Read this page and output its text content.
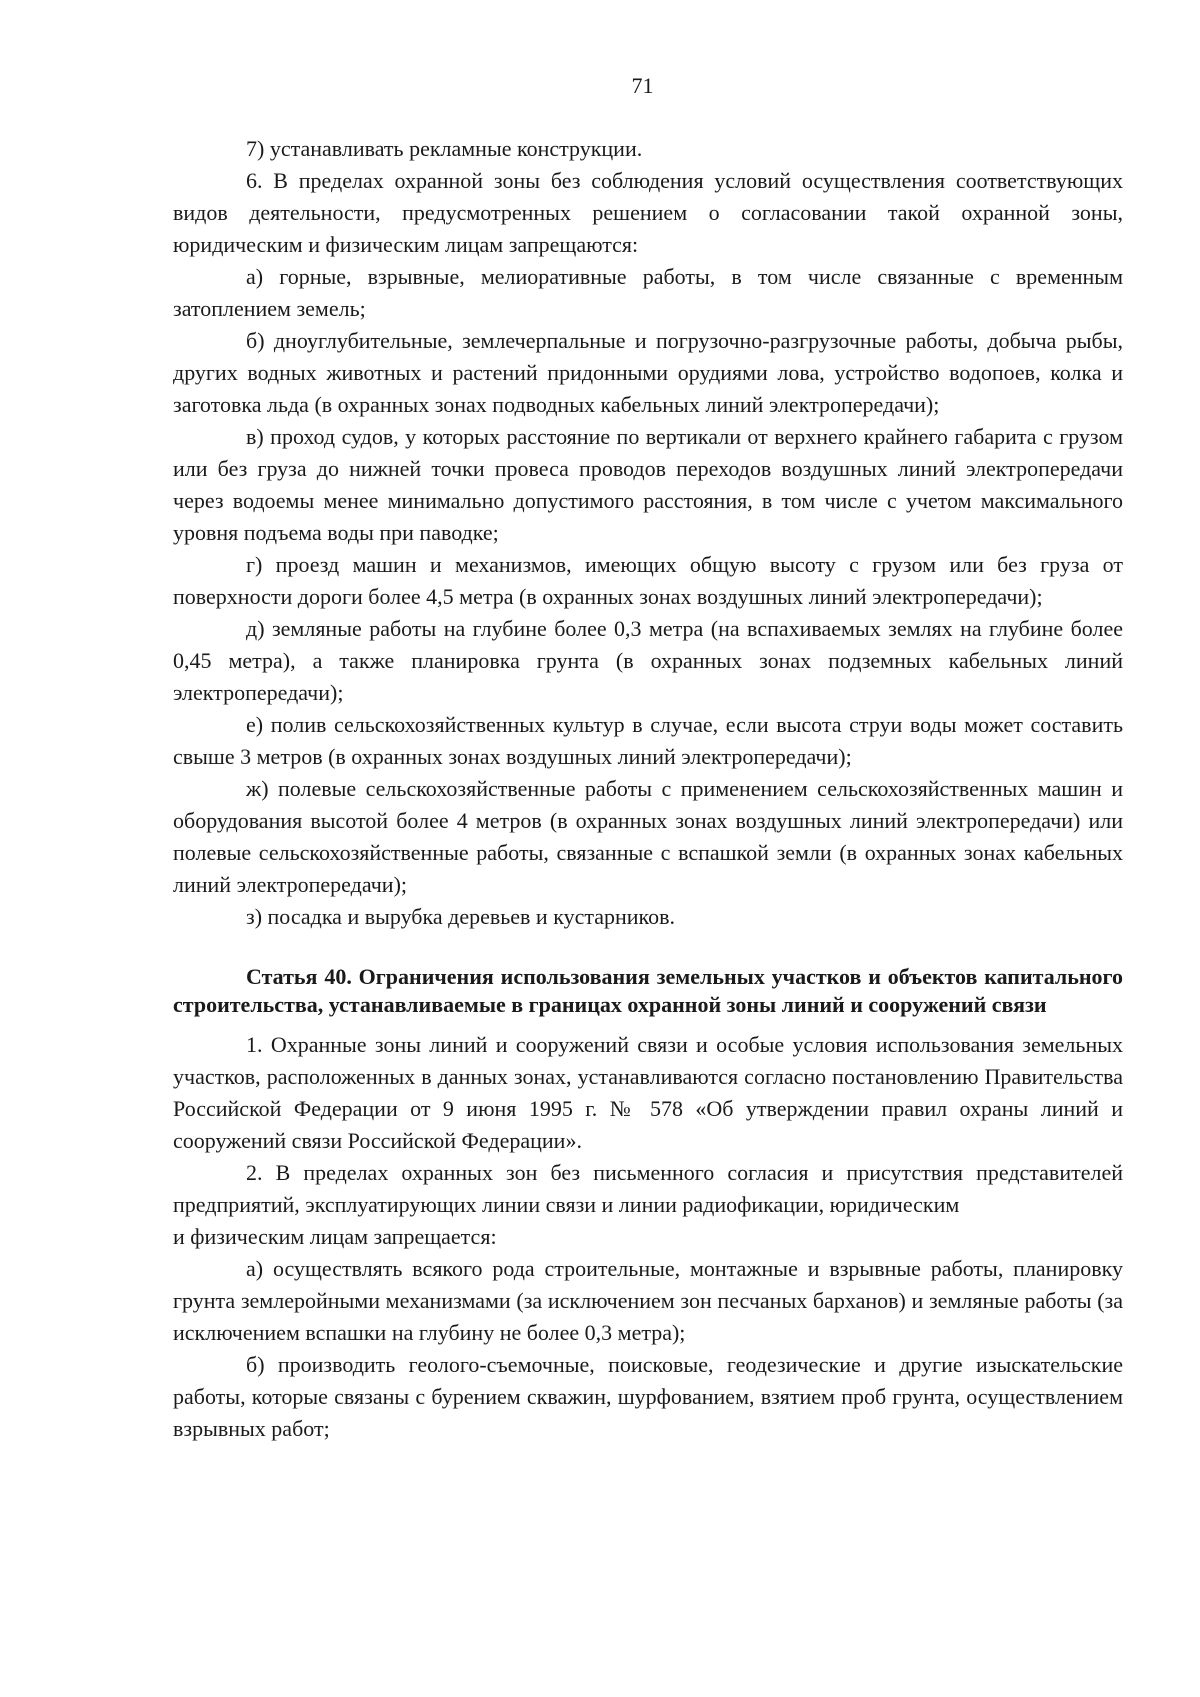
71

7) устанавливать рекламные конструкции.

6. В пределах охранной зоны без соблюдения условий осуществления соответствующих видов деятельности, предусмотренных решением о согласовании такой охранной зоны, юридическим и физическим лицам запрещаются:

а) горные, взрывные, мелиоративные работы, в том числе связанные с временным затоплением земель;

б) дноуглубительные, землечерпальные и погрузочно-разгрузочные работы, добыча рыбы, других водных животных и растений придонными орудиями лова, устройство водопоев, колка и заготовка льда (в охранных зонах подводных кабельных линий электропередачи);

в) проход судов, у которых расстояние по вертикали от верхнего крайнего габарита с грузом или без груза до нижней точки провеса проводов переходов воздушных линий электропередачи через водоемы менее минимально допустимого расстояния, в том числе с учетом максимального уровня подъема воды при паводке;

г) проезд машин и механизмов, имеющих общую высоту с грузом или без груза от поверхности дороги более 4,5 метра (в охранных зонах воздушных линий электропередачи);

д) земляные работы на глубине более 0,3 метра (на вспахиваемых землях на глубине более 0,45 метра), а также планировка грунта (в охранных зонах подземных кабельных линий электропередачи);

е) полив сельскохозяйственных культур в случае, если высота струи воды может составить свыше 3 метров (в охранных зонах воздушных линий электропередачи);

ж) полевые сельскохозяйственные работы с применением сельскохозяйственных машин и оборудования высотой более 4 метров (в охранных зонах воздушных линий электропередачи) или полевые сельскохозяйственные работы, связанные с вспашкой земли (в охранных зонах кабельных линий электропередачи);

з) посадка и вырубка деревьев и кустарников.

Статья 40. Ограничения использования земельных участков и объектов капитального строительства, устанавливаемые в границах охранной зоны линий и сооружений связи

1. Охранные зоны линий и сооружений связи и особые условия использования земельных участков, расположенных в данных зонах, устанавливаются согласно постановлению Правительства Российской Федерации от 9 июня 1995 г. № 578 «Об утверждении правил охраны линий и сооружений связи Российской Федерации».

2. В пределах охранных зон без письменного согласия и присутствия представителей предприятий, эксплуатирующих линии связи и линии радиофикации, юридическим

и физическим лицам запрещается:

а) осуществлять всякого рода строительные, монтажные и взрывные работы, планировку грунта землеройными механизмами (за исключением зон песчаных барханов) и земляные работы (за исключением вспашки на глубину не более 0,3 метра);

б) производить геолого-съемочные, поисковые, геодезические и другие изыскательские работы, которые связаны с бурением скважин, шурфованием, взятием проб грунта, осуществлением взрывных работ;
